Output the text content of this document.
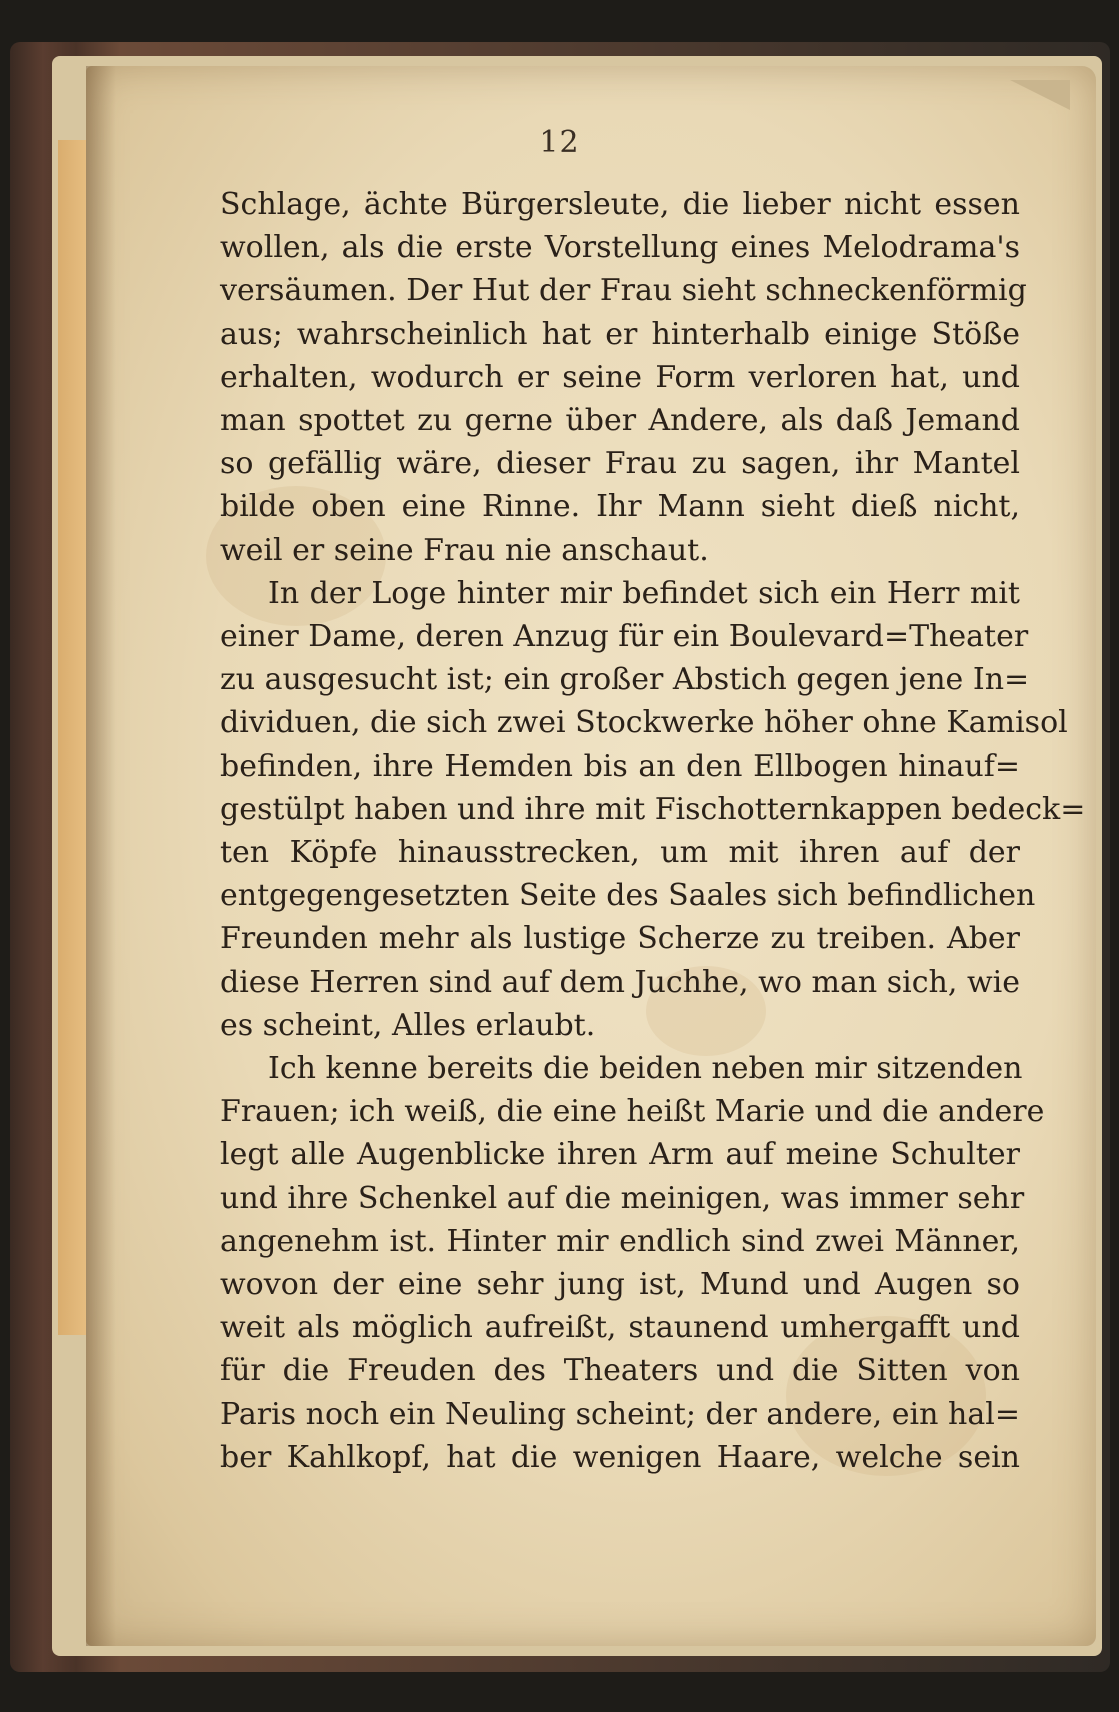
12
Schlage, ächte Bürgersleute, die lieber nicht essen
wollen, als die erste Vorstellung eines Melodrama's
versäumen. Der Hut der Frau sieht schneckenförmig
aus; wahrscheinlich hat er hinterhalb einige Stöße
erhalten, wodurch er seine Form verloren hat, und
man spottet zu gerne über Andere, als daß Jemand
so gefällig wäre, dieser Frau zu sagen, ihr Mantel
bilde oben eine Rinne. Ihr Mann sieht dieß nicht,
weil er seine Frau nie anschaut.
In der Loge hinter mir befindet sich ein Herr mit
einer Dame, deren Anzug für ein Boulevard=Theater
zu ausgesucht ist; ein großer Abstich gegen jene In=
dividuen, die sich zwei Stockwerke höher ohne Kamisol
befinden, ihre Hemden bis an den Ellbogen hinauf=
gestülpt haben und ihre mit Fischotternkappen bedeck=
ten Köpfe hinausstrecken, um mit ihren auf der
entgegengesetzten Seite des Saales sich befindlichen
Freunden mehr als lustige Scherze zu treiben. Aber
diese Herren sind auf dem Juchhe, wo man sich, wie
es scheint, Alles erlaubt.
Ich kenne bereits die beiden neben mir sitzenden
Frauen; ich weiß, die eine heißt Marie und die andere
legt alle Augenblicke ihren Arm auf meine Schulter
und ihre Schenkel auf die meinigen, was immer sehr
angenehm ist. Hinter mir endlich sind zwei Männer,
wovon der eine sehr jung ist, Mund und Augen so
weit als möglich aufreißt, staunend umhergafft und
für die Freuden des Theaters und die Sitten von
Paris noch ein Neuling scheint; der andere, ein hal=
ber Kahlkopf, hat die wenigen Haare, welche sein
